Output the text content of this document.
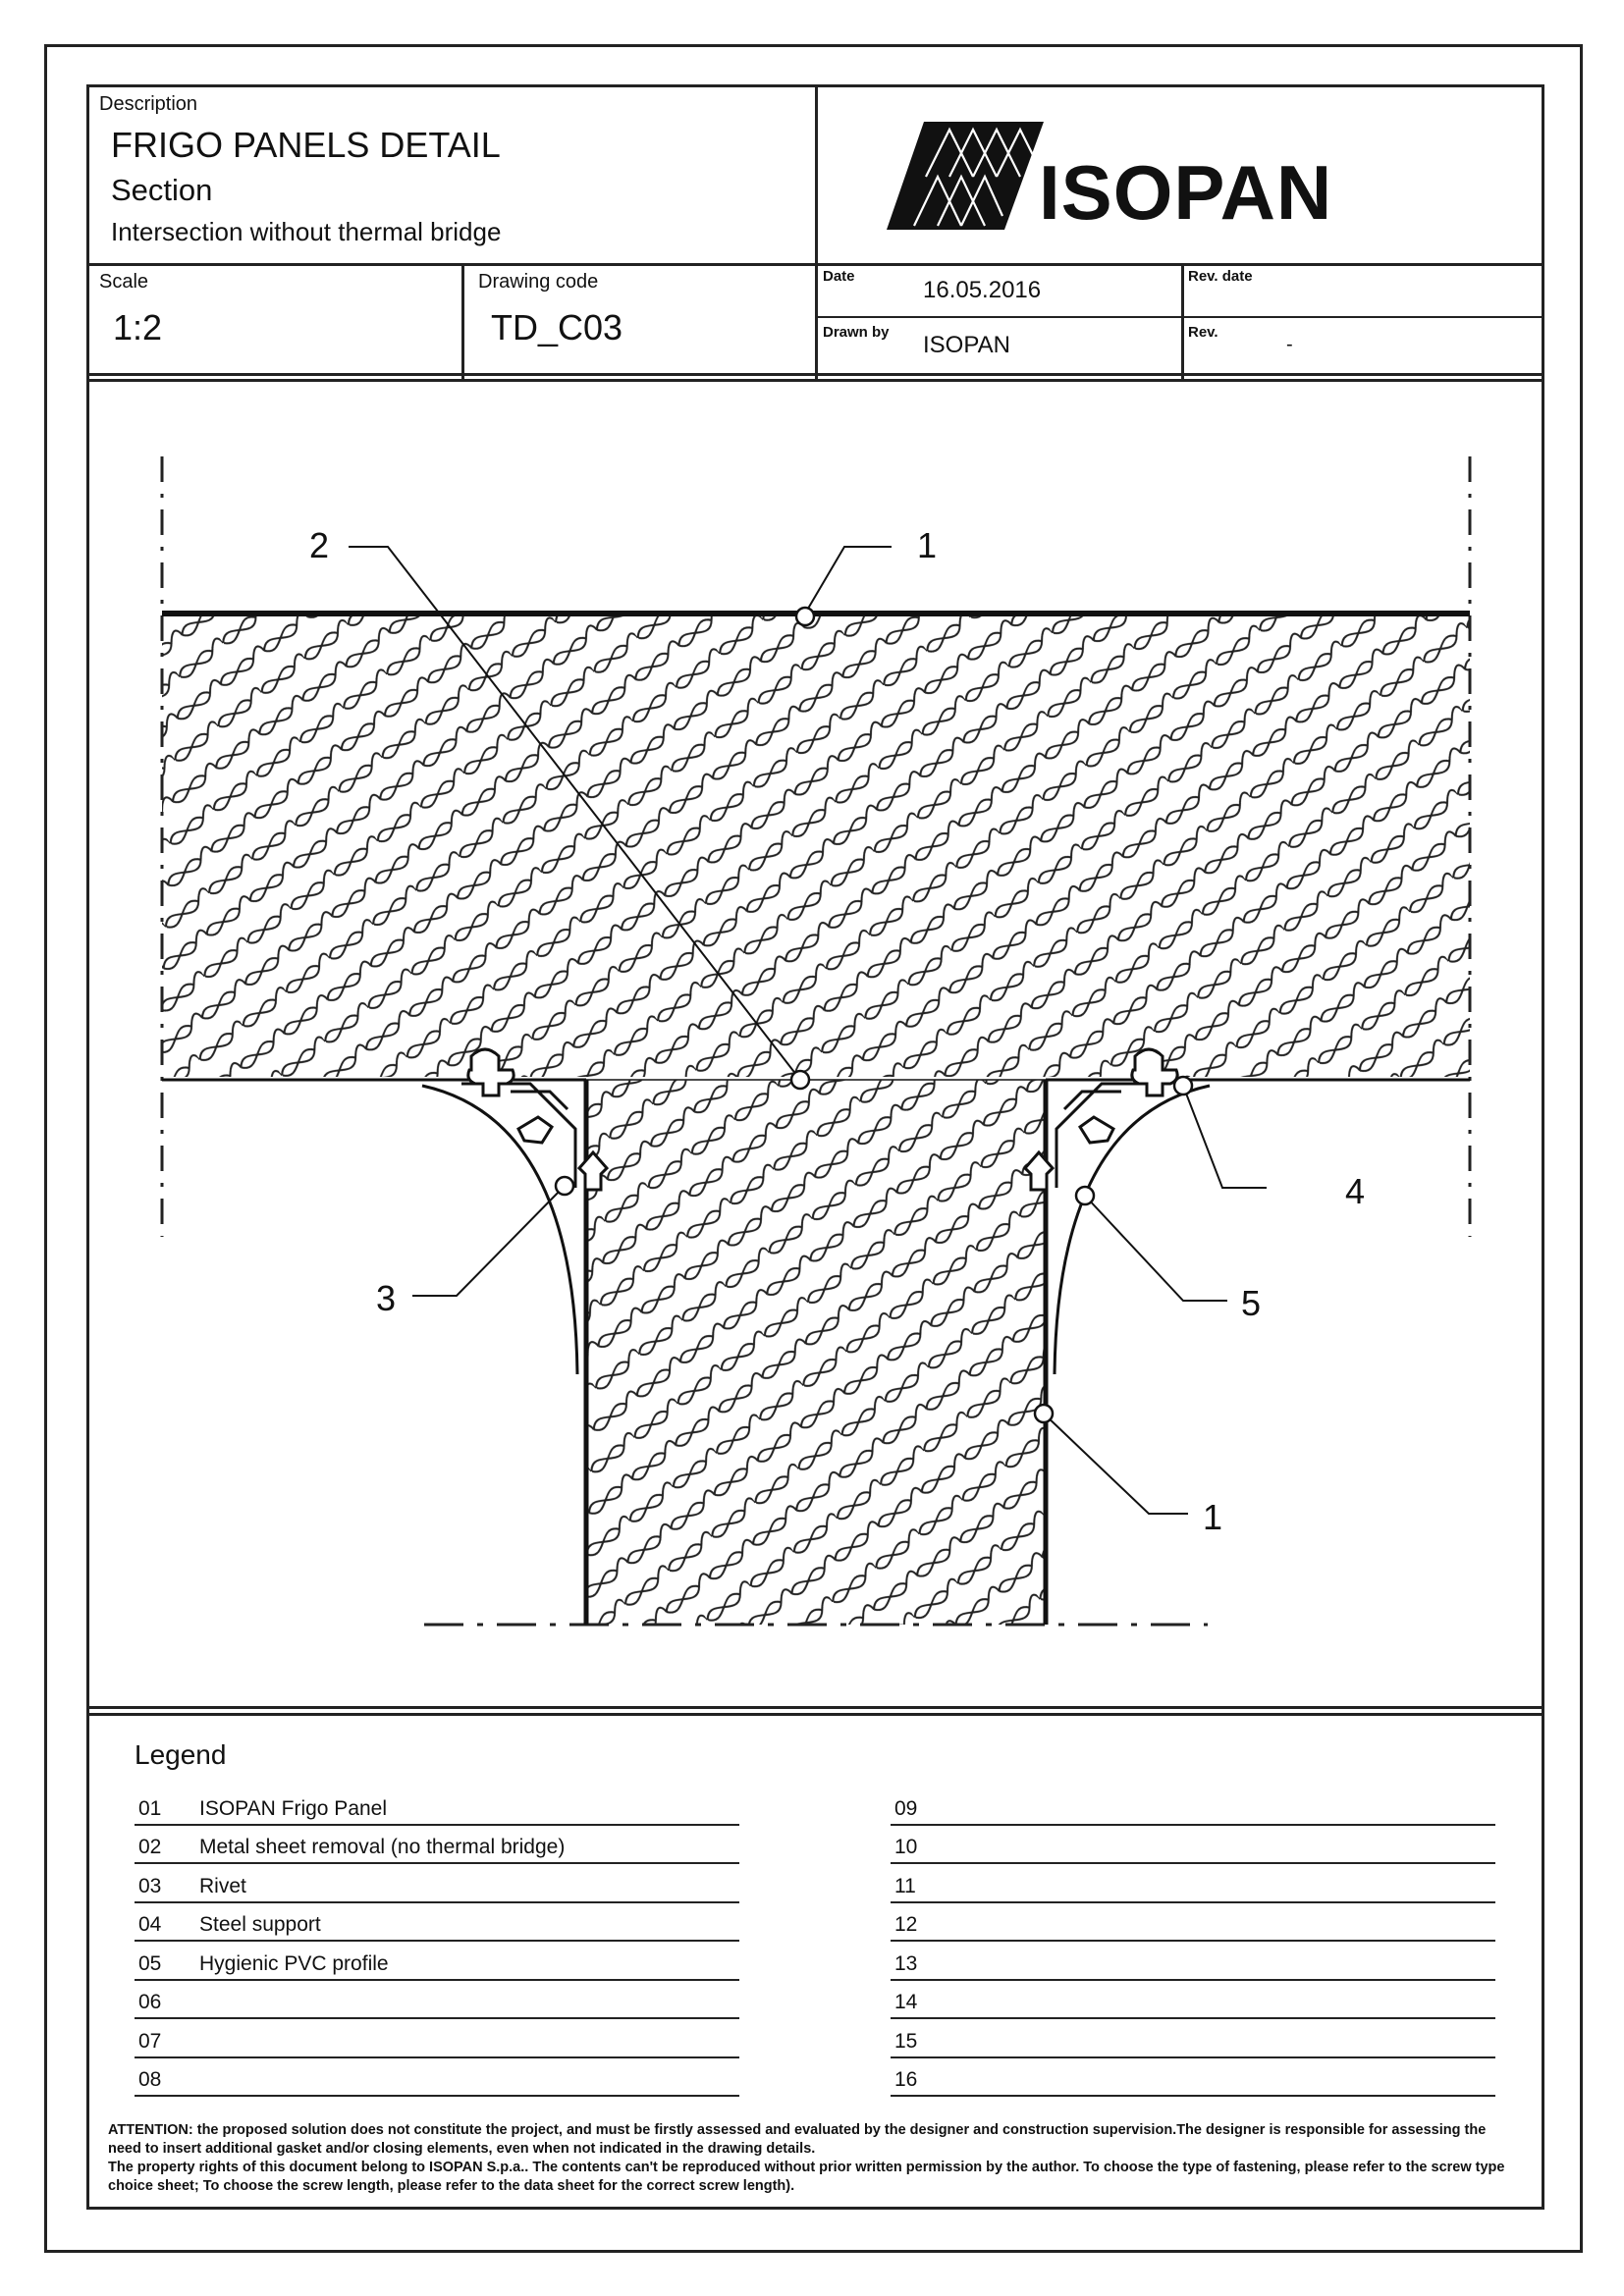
Description
FRIGO PANELS DETAIL
Section
Intersection without thermal bridge	ISOPAN
Scale
1:2
Drawing code
TD_C03
Date
16.05.2016
Rev. date
Drawn by ISOPAN	Rev.
-
1
2
3
4
5
1
Legend
01 ISOPAN Frigo Panel
02 Metal sheet removal (no thermal bridge)
03 Rivet
04 Steel support
05 Hygienic PVC profile
06
07
08
09
10
11
12
13
14
15
16
ATTENTION: the proposed solution does not constitute the project, and must be firstly assessed and evaluated by the designer and construction supervision.The designer is responsible for assessing the need to insert additional gasket and/or closing elements, even when not indicated in the drawing details.
The property rights of this document belong to ISOPAN S.p.a.. The contents can't be reproduced without prior written permission by the author. To choose the type of fastening, please refer to the screw type choice sheet; To choose the screw length, please refer to the data sheet for the correct screw length).
